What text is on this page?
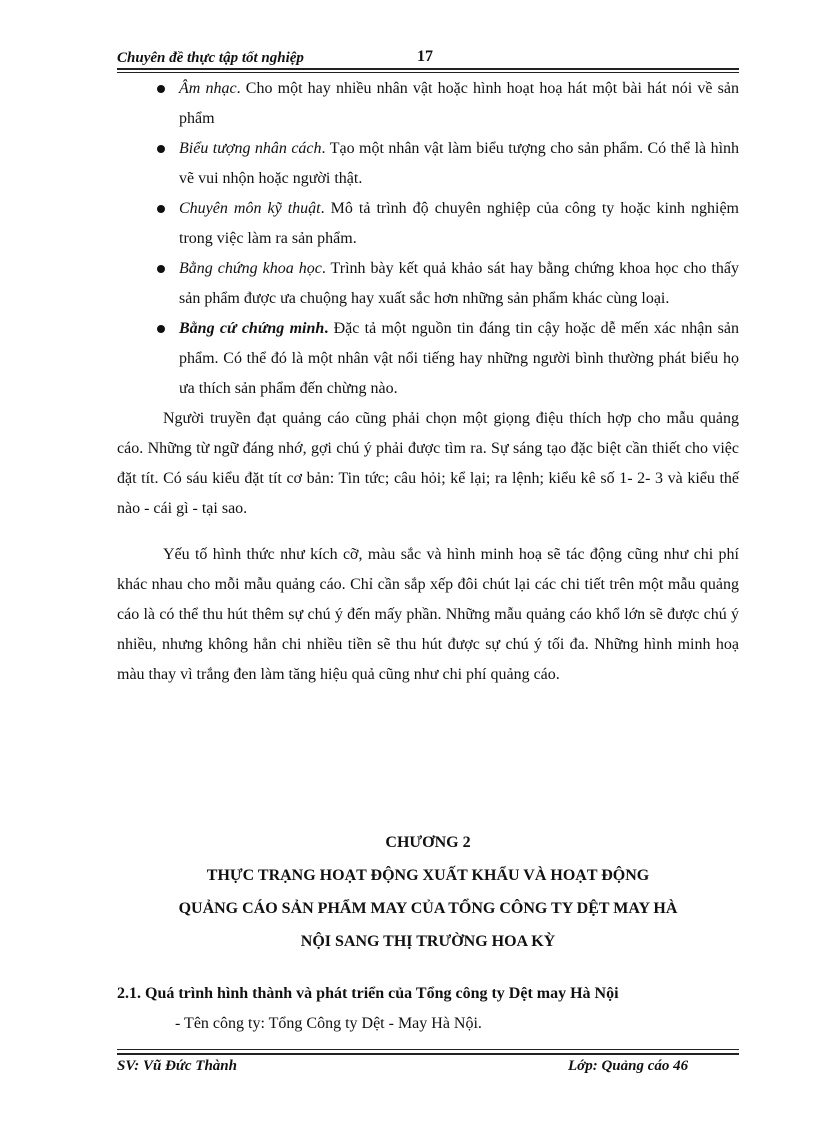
Chuyên đề thực tập tốt nghiệp	17
Âm nhạc. Cho một hay nhiều nhân vật hoặc hình hoạt hoạ hát một bài hát nói về sản phẩm
Biểu tượng nhân cách. Tạo một nhân vật làm biểu tượng cho sản phẩm. Có thể là hình vẽ vui nhộn hoặc người thật.
Chuyên môn kỹ thuật. Mô tả trình độ chuyên nghiệp của công ty hoặc kinh nghiệm trong việc làm ra sản phẩm.
Bằng chứng khoa học. Trình bày kết quả khảo sát hay bằng chứng khoa học cho thấy sản phẩm được ưa chuộng hay xuất sắc hơn những sản phẩm khác cùng loại.
Bằng cứ chứng minh. Đặc tả một nguồn tin đáng tin cậy hoặc dễ mến xác nhận sản phẩm. Có thể đó là một nhân vật nổi tiếng hay những người bình thường phát biểu họ ưa thích sản phẩm đến chừng nào.

Người truyền đạt quảng cáo cũng phải chọn một giọng điệu thích hợp cho mẫu quảng cáo. Những từ ngữ đáng nhớ, gợi chú ý phải được tìm ra. Sự sáng tạo đặc biệt cần thiết cho việc đặt tít. Có sáu kiểu đặt tít cơ bản: Tin tức; câu hỏi; kể lại; ra lệnh; kiểu kê số 1- 2- 3 và kiểu thế nào - cái gì - tại sao.

Yếu tố hình thức như kích cỡ, màu sắc và hình minh hoạ sẽ tác động cũng như chi phí khác nhau cho mỗi mẫu quảng cáo. Chỉ cần sắp xếp đôi chút lại các chi tiết trên một mẫu quảng cáo là có thể thu hút thêm sự chú ý đến mấy phần. Những mẫu quảng cáo khổ lớn sẽ được chú ý nhiều, nhưng không hẳn chi nhiều tiền sẽ thu hút được sự chú ý tối đa. Những hình minh hoạ màu thay vì trắng đen làm tăng hiệu quả cũng như chi phí quảng cáo.

CHƯƠNG 2
THỰC TRẠNG HOẠT ĐỘNG XUẤT KHẨU VÀ HOẠT ĐỘNG
QUẢNG CÁO SẢN PHẨM MAY CỦA TỔNG CÔNG TY DỆT MAY HÀ
NỘI SANG THỊ TRƯỜNG HOA KỲ
2.1. Quá trình hình thành và phát triển của Tổng công ty Dệt may Hà Nội
- Tên công ty: Tổng Công ty Dệt - May Hà Nội.
SV: Vũ Đức Thành	Lớp: Quảng cáo 46
